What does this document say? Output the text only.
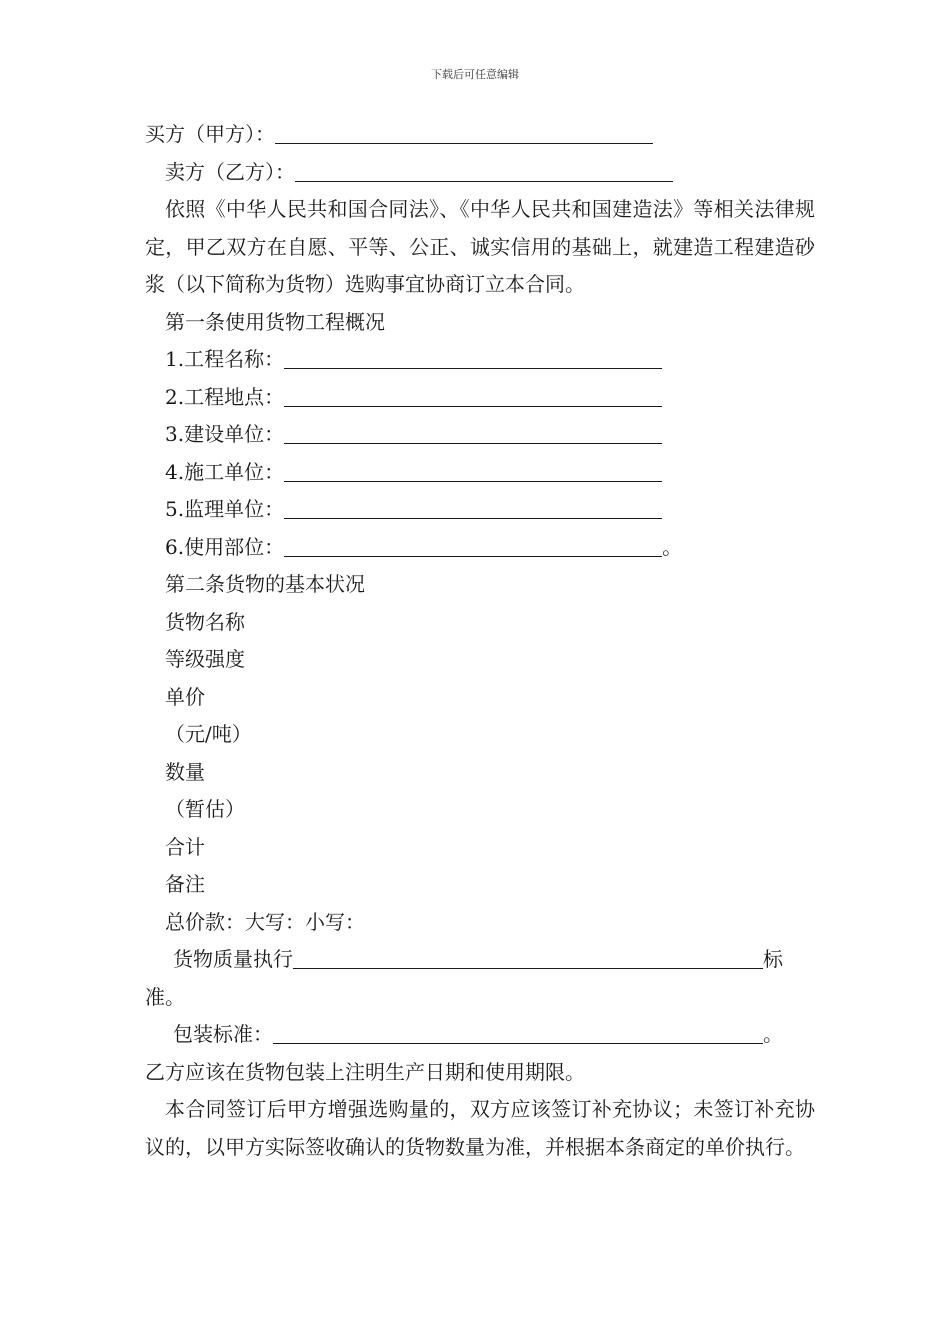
下载后可任意编辑
买方（甲方）：
卖方（乙方）：
依照《中华人民共和国合同法》、《中华人民共和国建造法》等相关法律规定，甲乙双方在自愿、平等、公正、诚实信用的基础上，就建造工程建造砂浆（以下简称为货物）选购事宜协商订立本合同。
第一条使用货物工程概况
1.工程名称：
2.工程地点：
3.建设单位：
4.施工单位：
5.监理单位：
6.使用部位：	。
第二条货物的基本状况
货物名称
等级强度
单价
（元/吨）
数量
（暂估）
合计
备注
总价款：大写：小写：
货物质量执行	标
准。
包装标准：	。
乙方应该在货物包装上注明生产日期和使用期限。
本合同签订后甲方增强选购量的，双方应该签订补充协议；未签订补充协议的，以甲方实际签收确认的货物数量为准，并根据本条商定的单价执行。
